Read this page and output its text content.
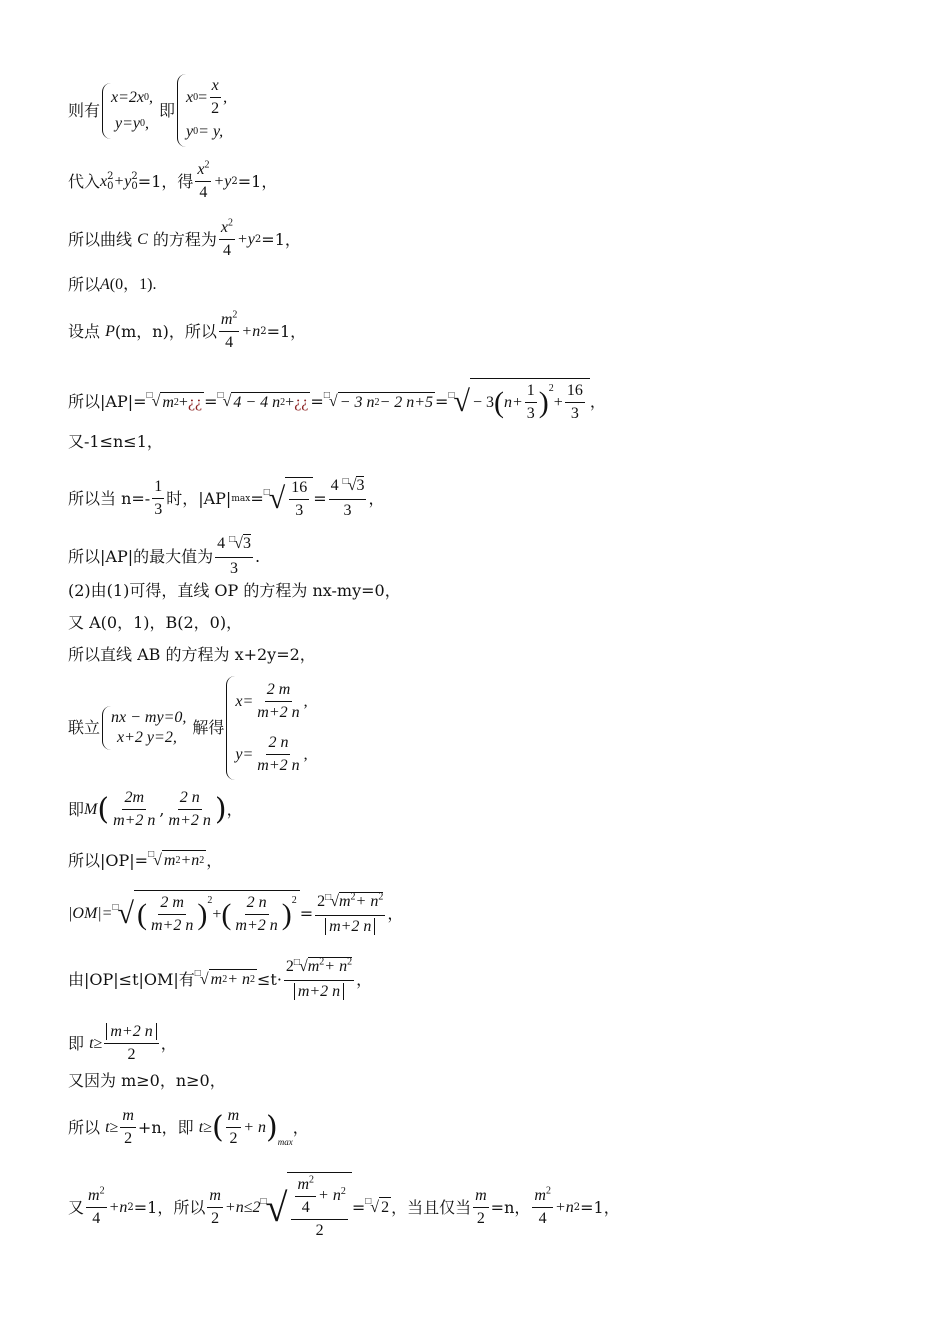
则有
x=2x 0 ,

y=y 0 ,
即
x $0 = \frac{x}{2}$ ,
y 0 = y,
代入 x 2
0 +y 2
0 =1，得 $\frac{x^2}{4} +y$ 2 =1，
所以曲线
C
的方程为 $\frac{x^2}{4} +y$ 2 =1，
所以 A (0，1).
设点
P (m，n)，所以 $\frac{m^2}{4} +n$ 2 =1，
所以|AP|= □ √ m 2 + ¿¿ = □ √ 4 − 4 n 2 + ¿¿ = □ √ − 3 n 2 − 2 n+5 = □ √ − 3 ( $n+ \frac{1}{3}$ ) 2
+ $\frac{16}{3}$ ，
又-1≤n≤1，
所以当 $n=- \frac{1}{3}$ 时，|AP| max = □ √ $\frac{16}{3} = \frac{4 □√3}{3}$ ，
所以|AP|的最大值为 $\frac{4 □√3}{3}$ .
(2)由(1)可得，直线 OP 的方程为 nx-my=0，
又 A(0，1)，B(2，0)，
所以直线 AB 的方程为 x+2y=2，
联立
nx − my=0,
x+2 y=2,
解得
$x= \frac{2 m}{m+2 n}$ ,
$y= \frac{2 n}{m+2 n}$ ,
即 M ( $\frac{2m}{m+2 n}$ , $\frac{2 n}{m+2 n}$ ) ，
所以|OP|= □ √ m 2 +n 2 ，
|OM|= □ √ ( $\frac{2 m}{m+2 n}$ ) 2
+ ( $\frac{2 n}{m+2 n}$ ) 2
= $\frac{2□√m^2+ n^2}{m+2 n}$ ，
由|OP|≤t|OM|有 □ √ m 2 + n $2 \le t\cdot \frac{2□√m^2+ n^2}{m+2 n}$ ，
即
$t\ge \frac{m+2 n}{2}$ ，
又因为 m≥0，n≥0，
所以
$t\ge \frac{m}{2} +n$，即
t≥ ( $\frac{m}{2} + n$ ) max
，
又 $\frac{m^2}{4} +n$ 2 =1，所以 $\frac{m}{2} +n\le 2$ □ √ $\frac{\frac{m^2}{4} + n^2}{2}$ = □ √ 2 ，当且仅当 $\frac{m}{2} =n$， $\frac{m^2}{4} +n$ 2 =1，
